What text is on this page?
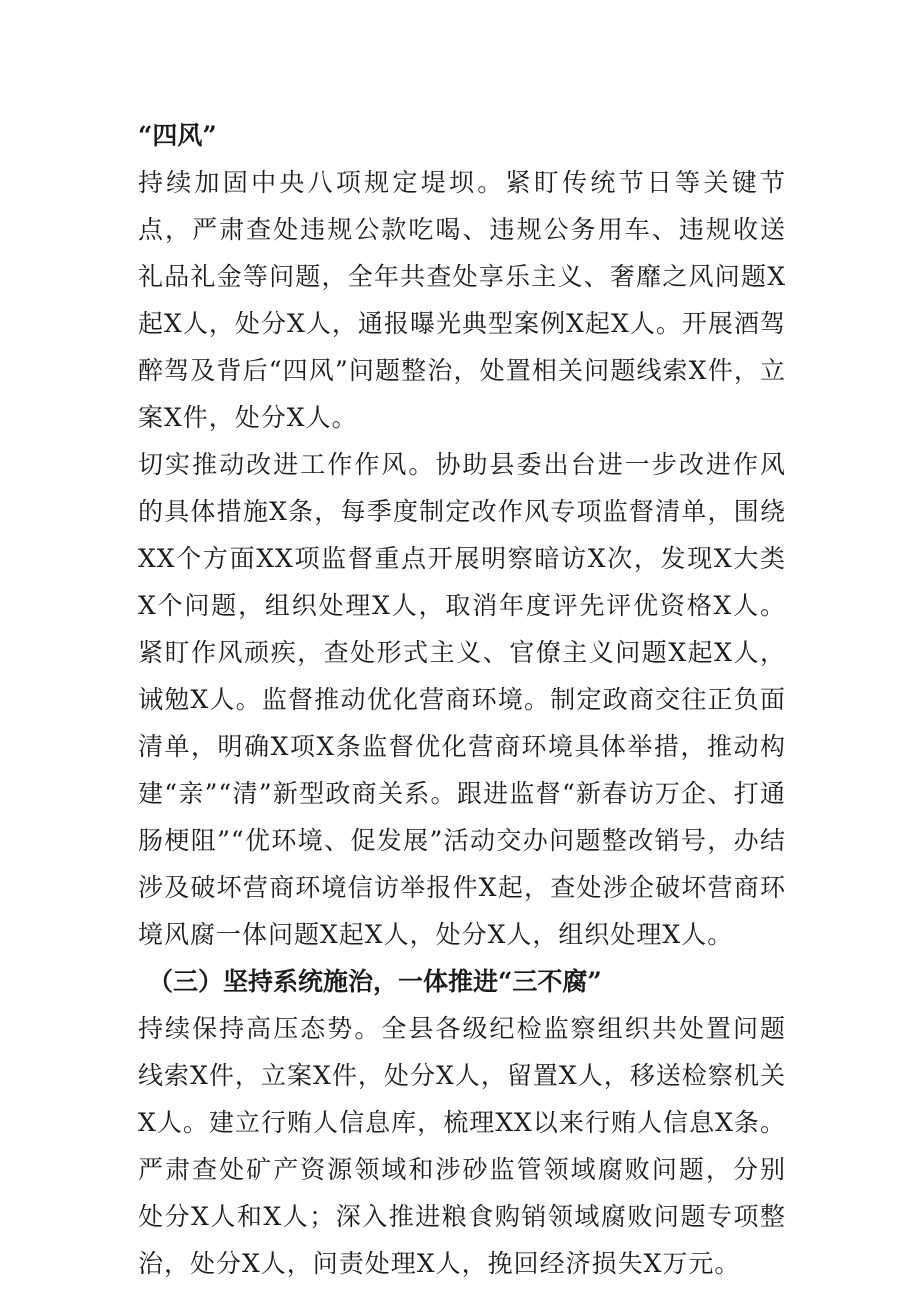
“四风”

持续加固中央八项规定堤坝。紧盯传统节日等关键节点，严肃查处违规公款吃喝、违规公务用车、违规收送礼品礼金等问题，全年共查处享乐主义、奢靡之风问题X起X人，处分X人，通报曝光典型案例X起X人。开展酒驾醉驾及背后“四风”问题整治，处置相关问题线索X件，立案X件，处分X人。

切实推动改进工作作风。协助县委出台进一步改进作风的具体措施X条，每季度制定改作风专项监督清单，围绕XX个方面XX项监督重点开展明察暗访X次，发现X大类X个问题，组织处理X人，取消年度评先评优资格X人。紧盯作风顽疾，查处形式主义、官僚主义问题X起X人，诫勉X人。监督推动优化营商环境。制定政商交往正负面清单，明确X项X条监督优化营商环境具体举措，推动构建“亲”“清”新型政商关系。跟进监督“新春访万企、打通肠梗阻”“优环境、促发展”活动交办问题整改销号，办结涉及破坏营商环境信访举报件X起，查处涉企破坏营商环境风腐一体问题X起X人，处分X人，组织处理X人。

（三）坚持系统施治，一体推进“三不腐”

持续保持高压态势。全县各级纪检监察组织共处置问题线索X件，立案X件，处分X人，留置X人，移送检察机关X人。建立行贿人信息库，梳理XX以来行贿人信息X条。严肃查处矿产资源领域和涉砂监管领域腐败问题，分别处分X人和X人；深入推进粮食购销领域腐败问题专项整治，处分X人，问责处理X人，挽回经济损失X万元。
